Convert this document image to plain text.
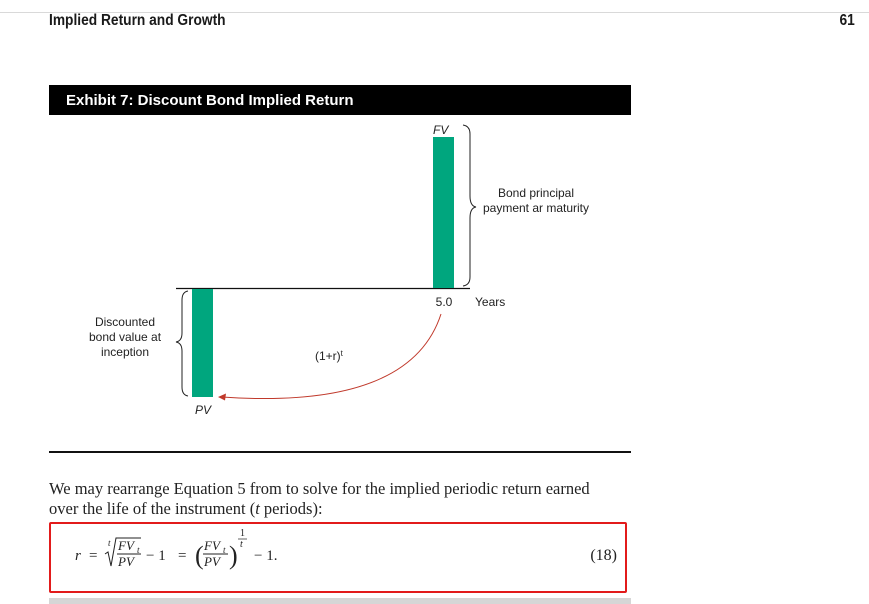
Implied Return and Growth	61
Exhibit 7: Discount Bond Implied Return
FV
PV
Bond principal
payment ar maturity
Discounted
bond value at
inception
5.0 Years
$(1+r)^t$
We may rearrange Equation 5 from to solve for the implied periodic return earned
over the life of the instrument (t periods):
r =
t FV t
PV − 1 = ( FV t
PV )
1
t
− 1.	(18)
